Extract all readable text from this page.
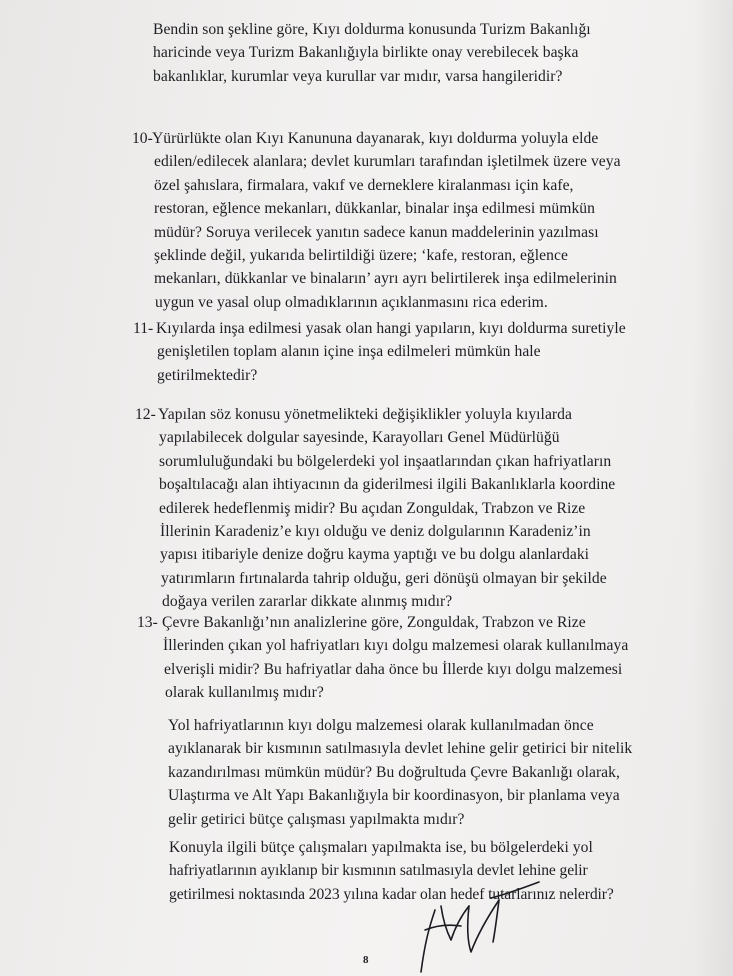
Bendin son şekline göre, Kıyı doldurma konusunda Turizm Bakanlığı
haricinde veya Turizm Bakanlığıyla birlikte onay verebilecek başka
bakanlıklar, kurumlar veya kurullar var mıdır, varsa hangileridir?
10- Yürürlükte olan Kıyı Kanununa dayanarak, kıyı doldurma yoluyla elde
edilen/edilecek alanlara; devlet kurumları tarafından işletilmek üzere veya
özel şahıslara, firmalara, vakıf ve derneklere kiralanması için kafe,
restoran, eğlence mekanları, dükkanlar, binalar inşa edilmesi mümkün
müdür? Soruya verilecek yanıtın sadece kanun maddelerinin yazılması
şeklinde değil, yukarıda belirtildiği üzere; ‘kafe, restoran, eğlence
mekanları, dükkanlar ve binaların’ ayrı ayrı belirtilerek inşa edilmelerinin
uygun ve yasal olup olmadıklarının açıklanmasını rica ederim.
11- Kıyılarda inşa edilmesi yasak olan hangi yapıların, kıyı doldurma suretiyle
genişletilen toplam alanın içine inşa edilmeleri mümkün hale
getirilmektedir?
12- Yapılan söz konusu yönetmelikteki değişiklikler yoluyla kıyılarda
yapılabilecek dolgular sayesinde, Karayolları Genel Müdürlüğü
sorumluluğundaki bu bölgelerdeki yol inşaatlarından çıkan hafriyatların
boşaltılacağı alan ihtiyacının da giderilmesi ilgili Bakanlıklarla koordine
edilerek hedeflenmiş midir? Bu açıdan Zonguldak, Trabzon ve Rize
İllerinin Karadeniz’e kıyı olduğu ve deniz dolgularının Karadeniz’in
yapısı itibariyle denize doğru kayma yaptığı ve bu dolgu alanlardaki
yatırımların fırtınalarda tahrip olduğu, geri dönüşü olmayan bir şekilde
doğaya verilen zararlar dikkate alınmış mıdır?
13- Çevre Bakanlığı’nın analizlerine göre, Zonguldak, Trabzon ve Rize
İllerinden çıkan yol hafriyatları kıyı dolgu malzemesi olarak kullanılmaya
elverişli midir? Bu hafriyatlar daha önce bu İllerde kıyı dolgu malzemesi
olarak kullanılmış mıdır?
Yol hafriyatlarının kıyı dolgu malzemesi olarak kullanılmadan önce
ayıklanarak bir kısmının satılmasıyla devlet lehine gelir getirici bir nitelik
kazandırılması mümkün müdür? Bu doğrultuda Çevre Bakanlığı olarak,
Ulaştırma ve Alt Yapı Bakanlığıyla bir koordinasyon, bir planlama veya
gelir getirici bütçe çalışması yapılmakta mıdır?
Konuyla ilgili bütçe çalışmaları yapılmakta ise, bu bölgelerdeki yol
hafriyatlarının ayıklanıp bir kısmının satılmasıyla devlet lehine gelir
getirilmesi noktasında 2023 yılına kadar olan hedef tutarlarınız nelerdir?
8
